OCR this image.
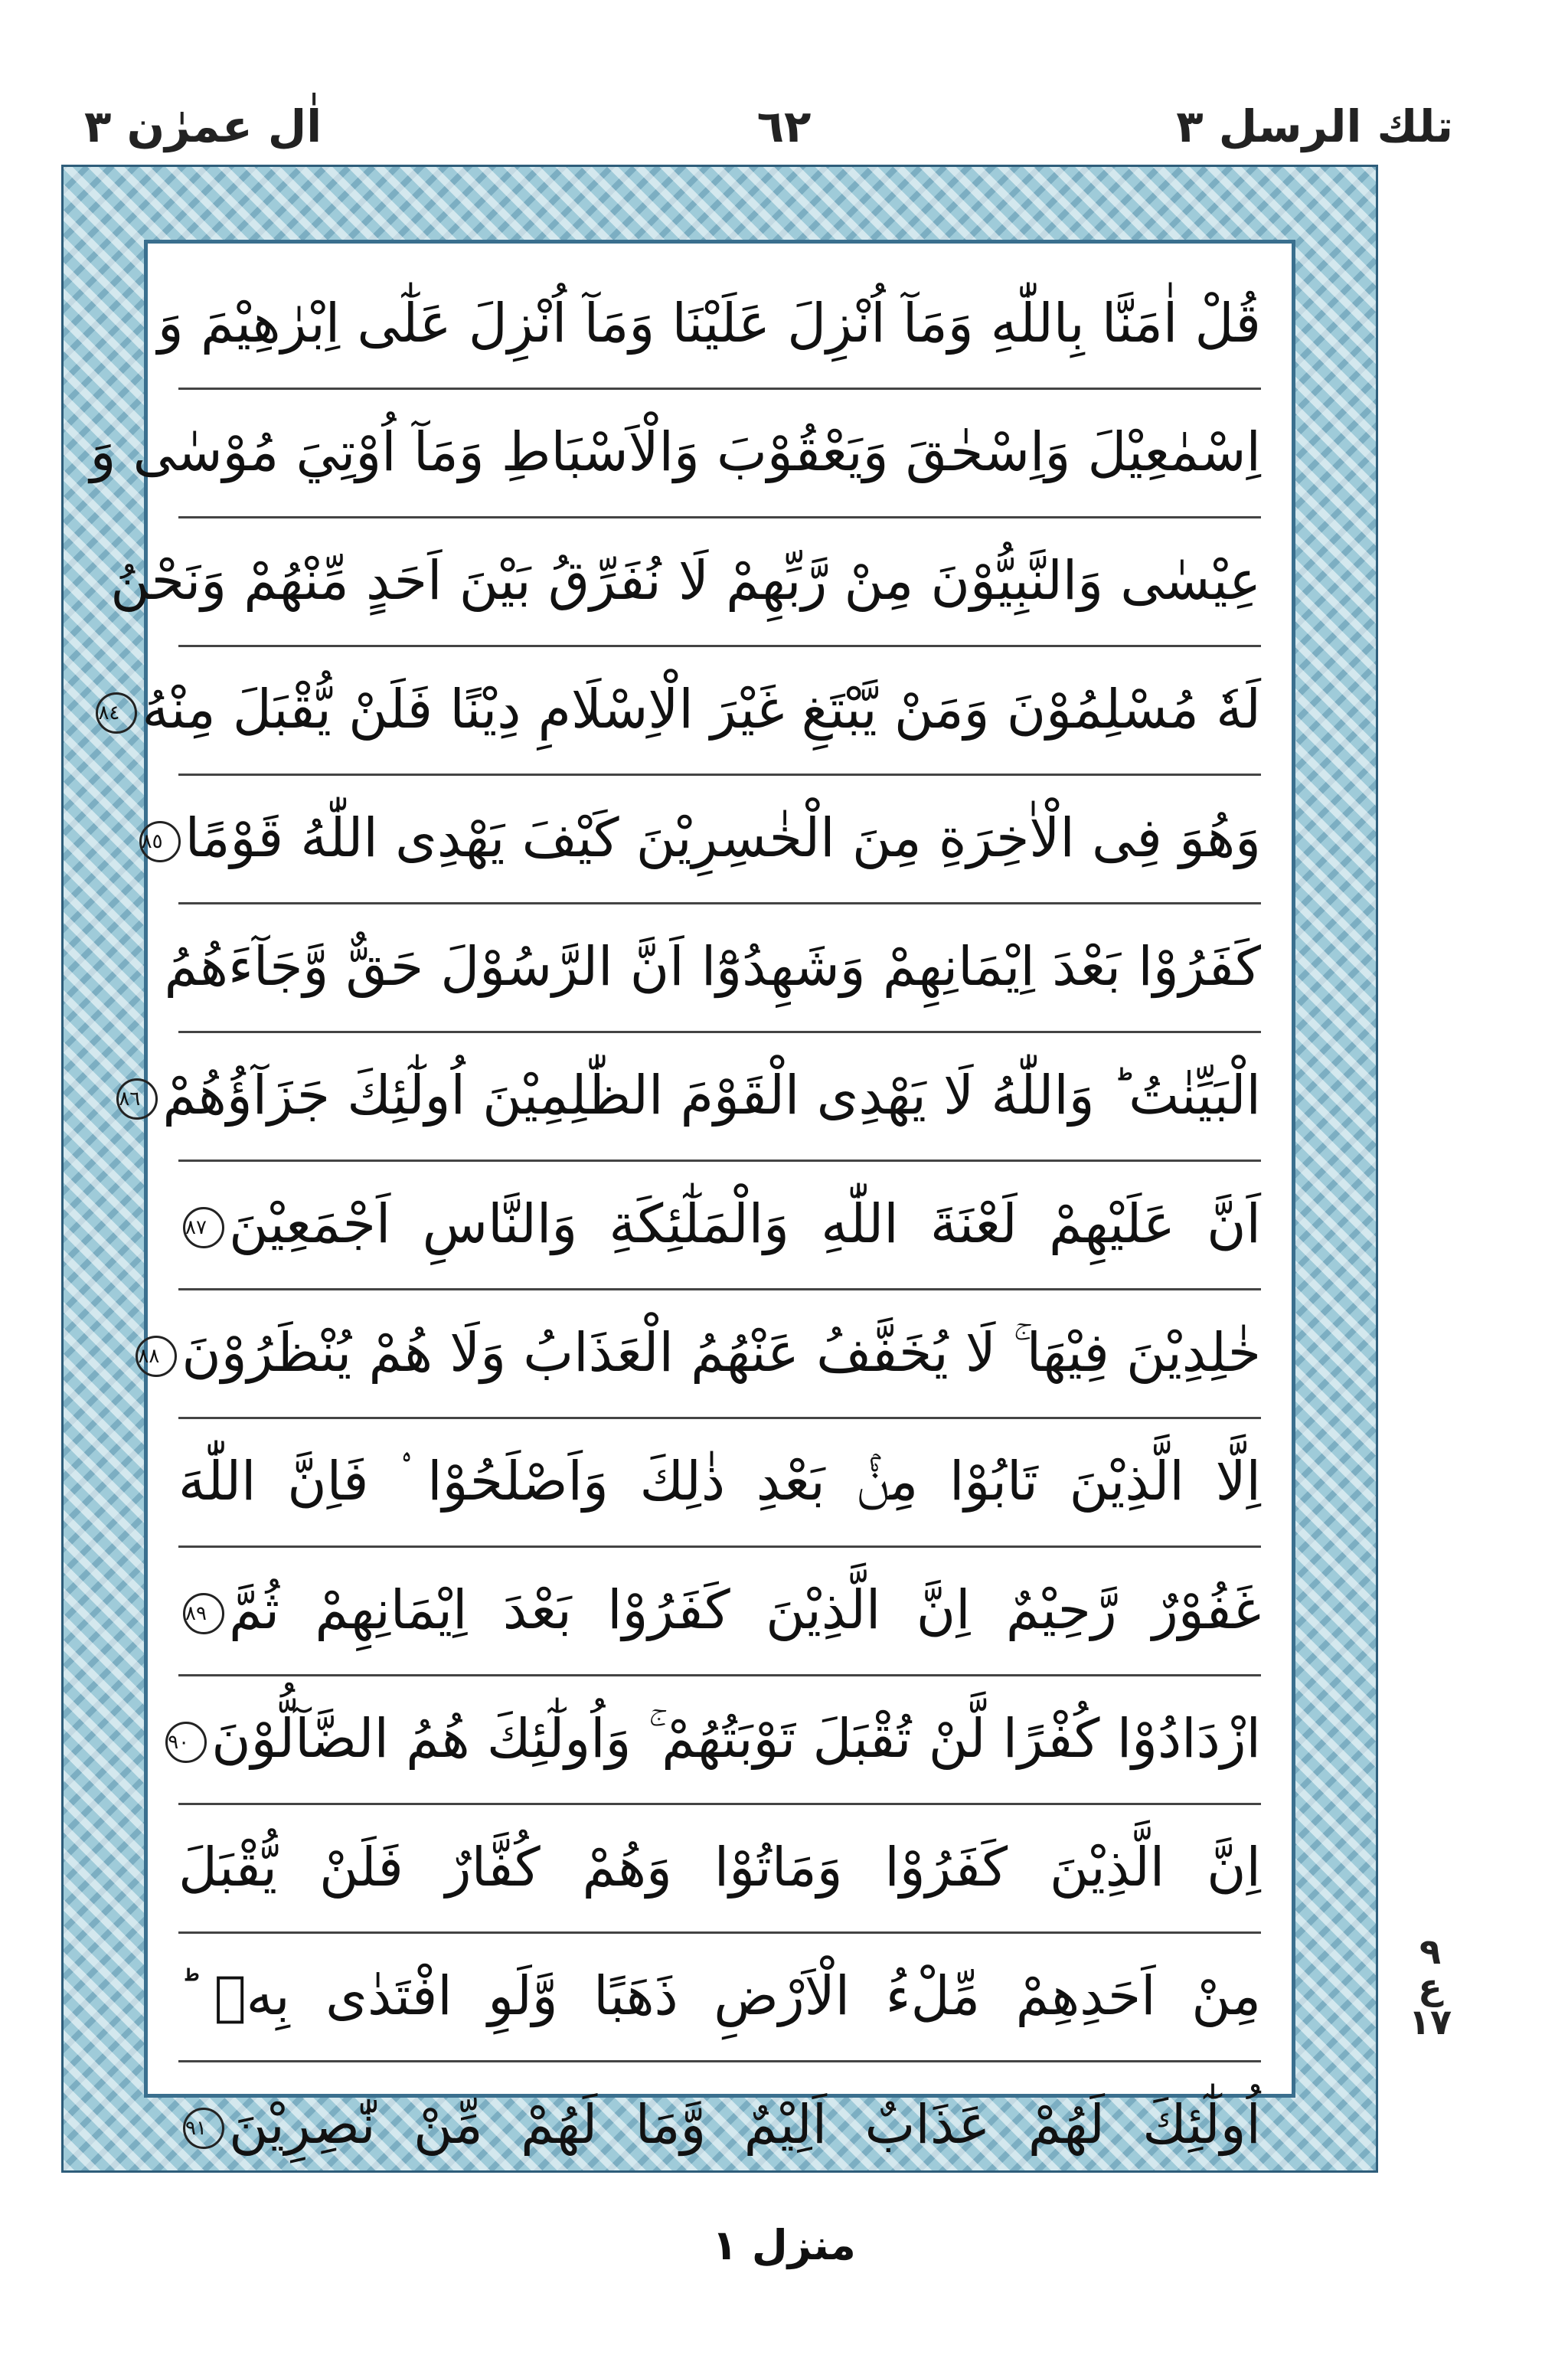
تلك الرسل ۳
٦٢
اٰل عمرٰن ۳
قُلْ اٰمَنَّا بِاللّٰهِ وَمَآ اُنْزِلَ عَلَيْنَا وَمَآ اُنْزِلَ عَلٰٓى اِبْرٰهِيْمَ وَ
اِسْمٰعِيْلَ وَاِسْحٰقَ وَيَعْقُوْبَ وَالْاَسْبَاطِ وَمَآ اُوْتِيَ مُوْسٰى وَ
عِيْسٰى وَالنَّبِيُّوْنَ مِنْ رَّبِّهِمْ لَا نُفَرِّقُ بَيْنَ اَحَدٍ مِّنْهُمْ وَنَحْنُ
لَهٗ مُسْلِمُوْنَ وَمَنْ يَّبْتَغِ غَيْرَ الْاِسْلَامِ دِيْنًا فَلَنْ يُّقْبَلَ مِنْهُ٨٤
وَهُوَ فِى الْاٰخِرَةِ مِنَ الْخٰسِرِيْنَ كَيْفَ يَهْدِى اللّٰهُ قَوْمًا٨٥
كَفَرُوْا بَعْدَ اِيْمَانِهِمْ وَشَهِدُوْٓا اَنَّ الرَّسُوْلَ حَقٌّ وَّجَآءَهُمُ
الْبَيِّنٰتُ ؕ وَاللّٰهُ لَا يَهْدِى الْقَوْمَ الظّٰلِمِيْنَ اُولٰٓئِكَ جَزَآؤُهُمْ٨٦
اَنَّ عَلَيْهِمْ لَعْنَةَ اللّٰهِ وَالْمَلٰٓئِكَةِ وَالنَّاسِ اَجْمَعِيْنَ٨٧
خٰلِدِيْنَ فِيْهَا ۚ لَا يُخَفَّفُ عَنْهُمُ الْعَذَابُ وَلَا هُمْ يُنْظَرُوْنَ٨٨
اِلَّا الَّذِيْنَ تَابُوْا مِنْۢ بَعْدِ ذٰلِكَ وَاَصْلَحُوْا ۟ فَاِنَّ اللّٰهَ
غَفُوْرٌ رَّحِيْمٌ اِنَّ الَّذِيْنَ كَفَرُوْا بَعْدَ اِيْمَانِهِمْ ثُمَّ٨٩
ازْدَادُوْا كُفْرًا لَّنْ تُقْبَلَ تَوْبَتُهُمْ ۚ وَاُولٰٓئِكَ هُمُ الضَّآلُّوْنَ٩٠
اِنَّ الَّذِيْنَ كَفَرُوْا وَمَاتُوْا وَهُمْ كُفَّارٌ فَلَنْ يُّقْبَلَ
مِنْ اَحَدِهِمْ مِّلْءُ الْاَرْضِ ذَهَبًا وَّلَوِ افْتَدٰى بِهٖ ؕ
اُولٰٓئِكَ لَهُمْ عَذَابٌ اَلِيْمٌ وَّمَا لَهُمْ مِّنْ نّٰصِرِيْنَ٩١
٩
ع
١٧
منزل ۱
